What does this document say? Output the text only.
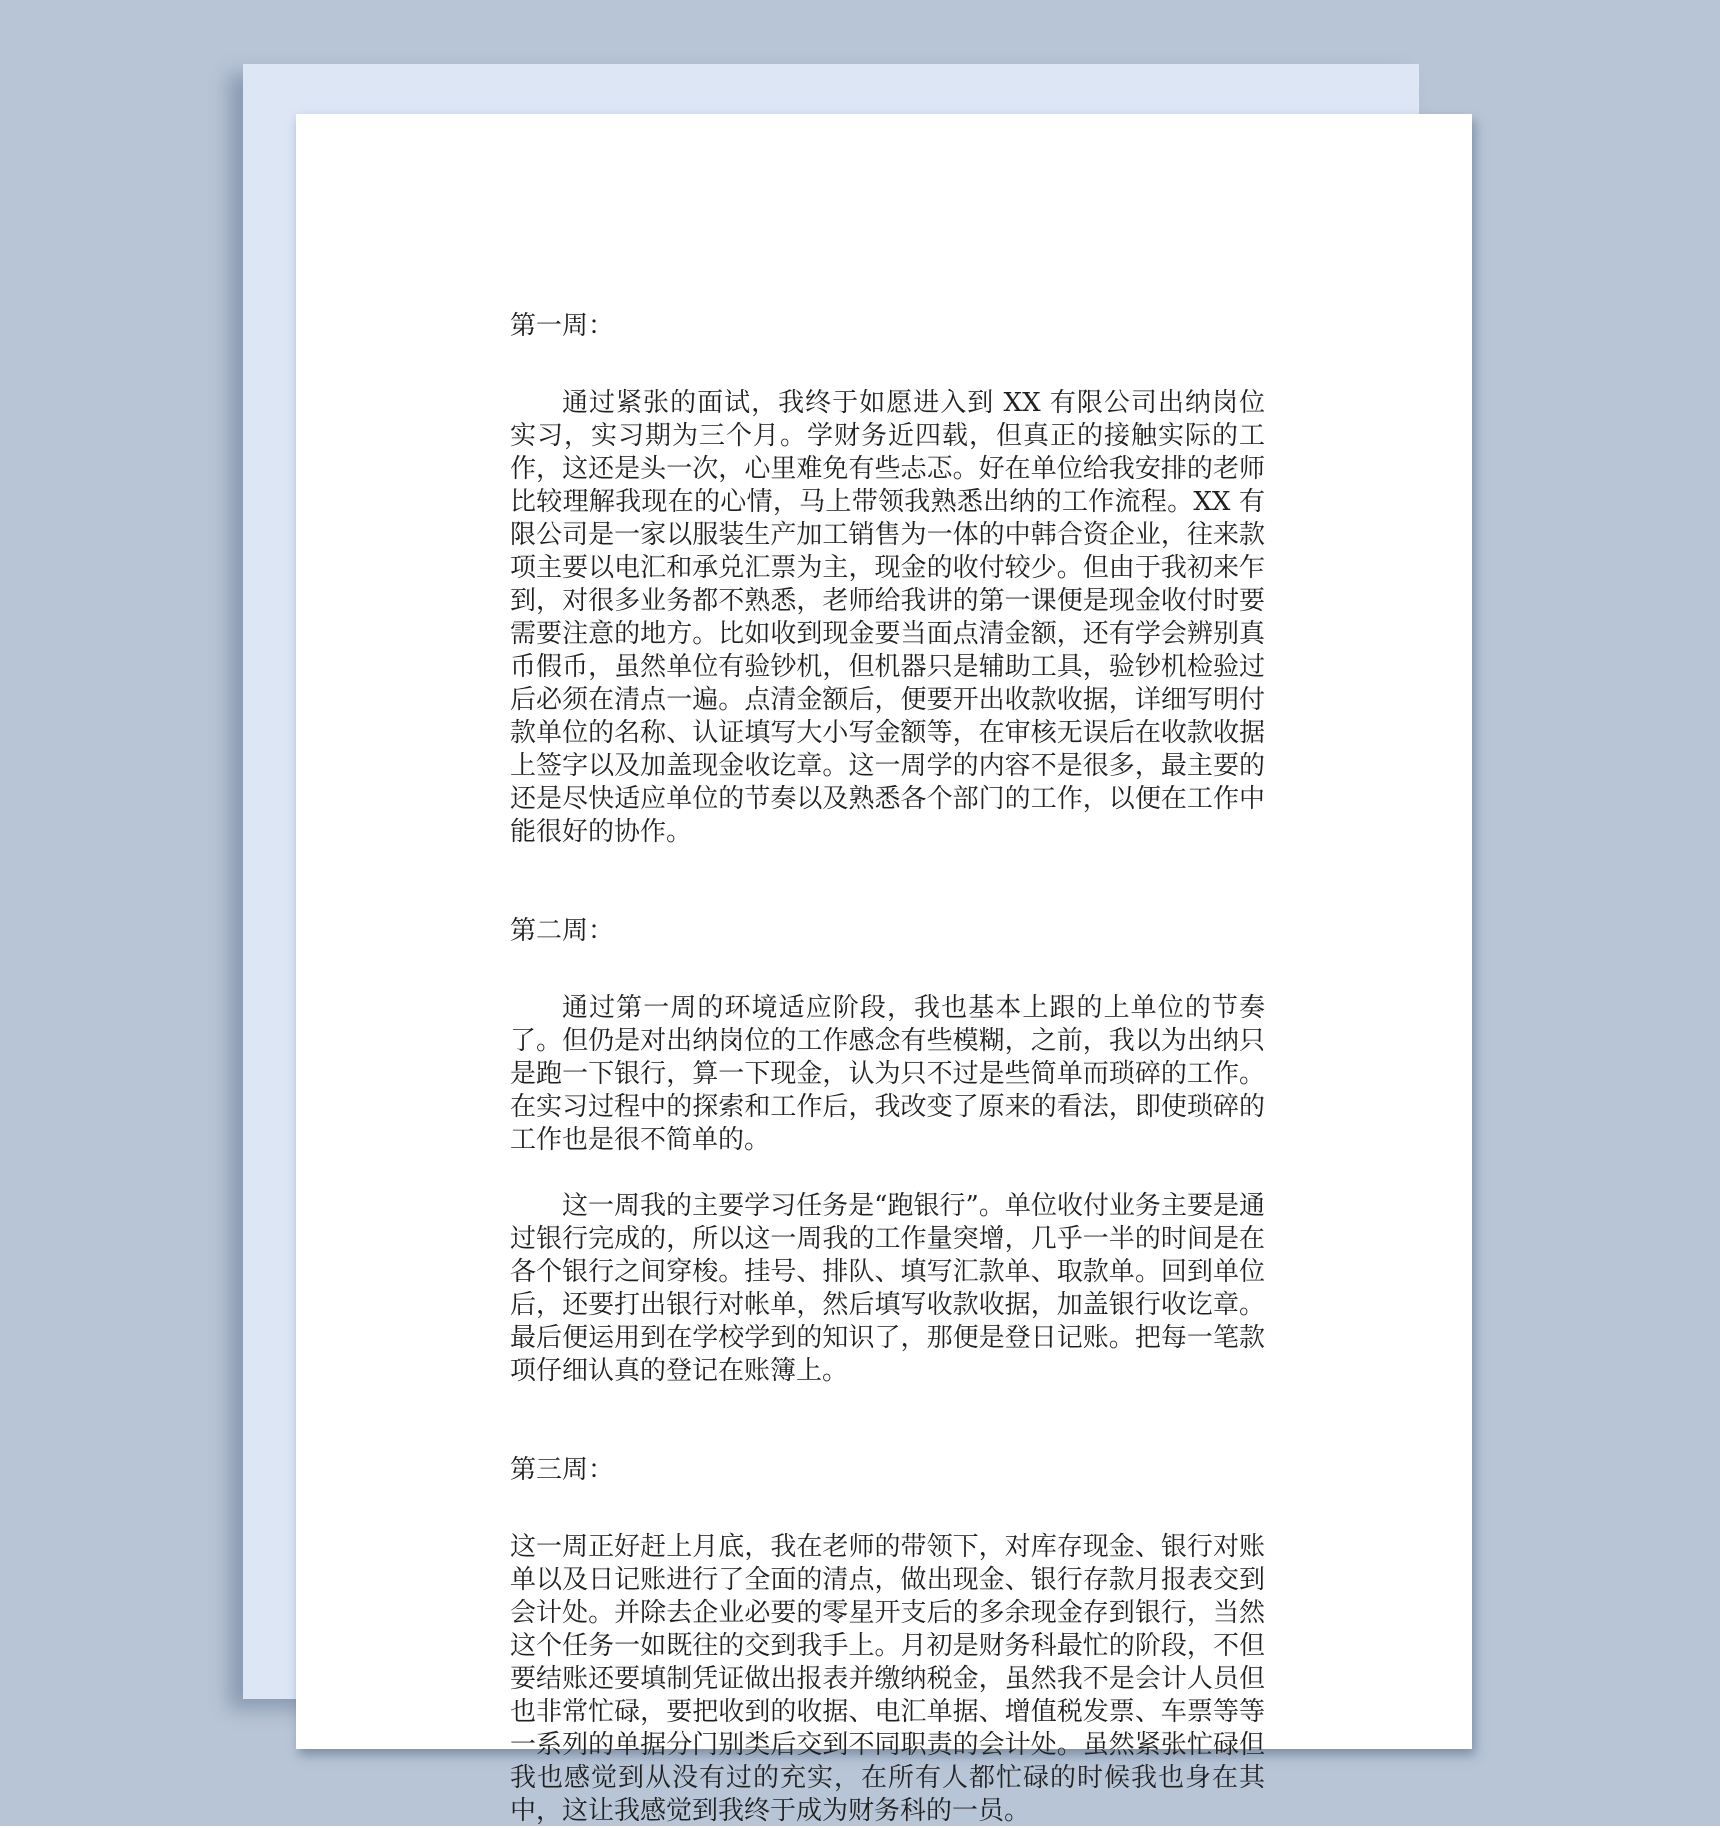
第一周：

通过紧张的面试，我终于如愿进入到 XX 有限公司出纳岗位实习，实习期为三个月。学财务近四载，但真正的接触实际的工作，这还是头一次，心里难免有些忐忑。好在单位给我安排的老师比较理解我现在的心情，马上带领我熟悉出纳的工作流程。XX 有限公司是一家以服装生产加工销售为一体的中韩合资企业，往来款项主要以电汇和承兑汇票为主，现金的收付较少。但由于我初来乍到，对很多业务都不熟悉，老师给我讲的第一课便是现金收付时要需要注意的地方。比如收到现金要当面点清金额，还有学会辨别真币假币，虽然单位有验钞机，但机器只是辅助工具，验钞机检验过后必须在清点一遍。点清金额后，便要开出收款收据，详细写明付款单位的名称、认证填写大小写金额等，在审核无误后在收款收据上签字以及加盖现金收讫章。这一周学的内容不是很多，最主要的还是尽快适应单位的节奏以及熟悉各个部门的工作，以便在工作中能很好的协作。

第二周：

通过第一周的环境适应阶段，我也基本上跟的上单位的节奏了。但仍是对出纳岗位的工作感念有些模糊，之前，我以为出纳只是跑一下银行，算一下现金，认为只不过是些简单而琐碎的工作。在实习过程中的探索和工作后，我改变了原来的看法，即使琐碎的工作也是很不简单的。

这一周我的主要学习任务是“跑银行”。单位收付业务主要是通过银行完成的，所以这一周我的工作量突增，几乎一半的时间是在各个银行之间穿梭。挂号、排队、填写汇款单、取款单。回到单位后，还要打出银行对帐单，然后填写收款收据，加盖银行收讫章。最后便运用到在学校学到的知识了，那便是登日记账。把每一笔款项仔细认真的登记在账簿上。

第三周：

这一周正好赶上月底，我在老师的带领下，对库存现金、银行对账单以及日记账进行了全面的清点，做出现金、银行存款月报表交到会计处。并除去企业必要的零星开支后的多余现金存到银行，当然这个任务一如既往的交到我手上。月初是财务科最忙的阶段，不但要结账还要填制凭证做出报表并缴纳税金，虽然我不是会计人员但也非常忙碌，要把收到的收据、电汇单据、增值税发票、车票等等一系列的单据分门别类后交到不同职责的会计处。虽然紧张忙碌但我也感觉到从没有过的充实，在所有人都忙碌的时候我也身在其中，这让我感觉到我终于成为财务科的一员。
